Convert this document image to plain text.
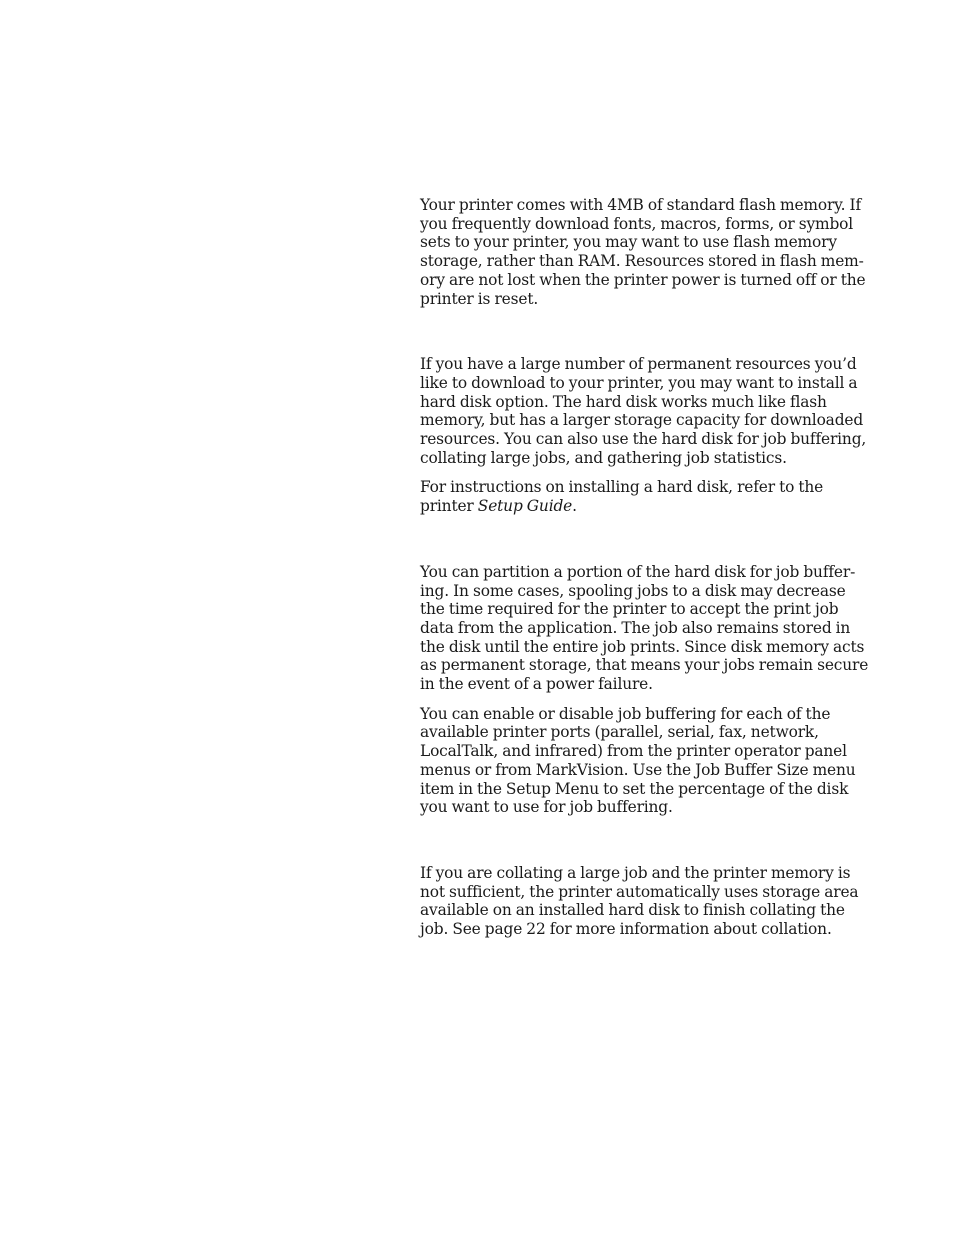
Your printer comes with 4MB of standard flash memory. If
you frequently download fonts, macros, forms, or symbol
sets to your printer, you may want to use flash memory
storage, rather than RAM. Resources stored in flash mem-
ory are not lost when the printer power is turned off or the
printer is reset.

If you have a large number of permanent resources you’d
like to download to your printer, you may want to install a
hard disk option. The hard disk works much like flash
memory, but has a larger storage capacity for downloaded
resources. You can also use the hard disk for job buffering,
collating large jobs, and gathering job statistics.

For instructions on installing a hard disk, refer to the
printer Setup Guide.

You can partition a portion of the hard disk for job buffer-
ing. In some cases, spooling jobs to a disk may decrease
the time required for the printer to accept the print job
data from the application. The job also remains stored in
the disk until the entire job prints. Since disk memory acts
as permanent storage, that means your jobs remain secure
in the event of a power failure.

You can enable or disable job buffering for each of the
available printer ports (parallel, serial, fax, network,
LocalTalk, and infrared) from the printer operator panel
menus or from MarkVision. Use the Job Buffer Size menu
item in the Setup Menu to set the percentage of the disk
you want to use for job buffering.

If you are collating a large job and the printer memory is
not sufficient, the printer automatically uses storage area
available on an installed hard disk to finish collating the
job. See page 22 for more information about collation.
